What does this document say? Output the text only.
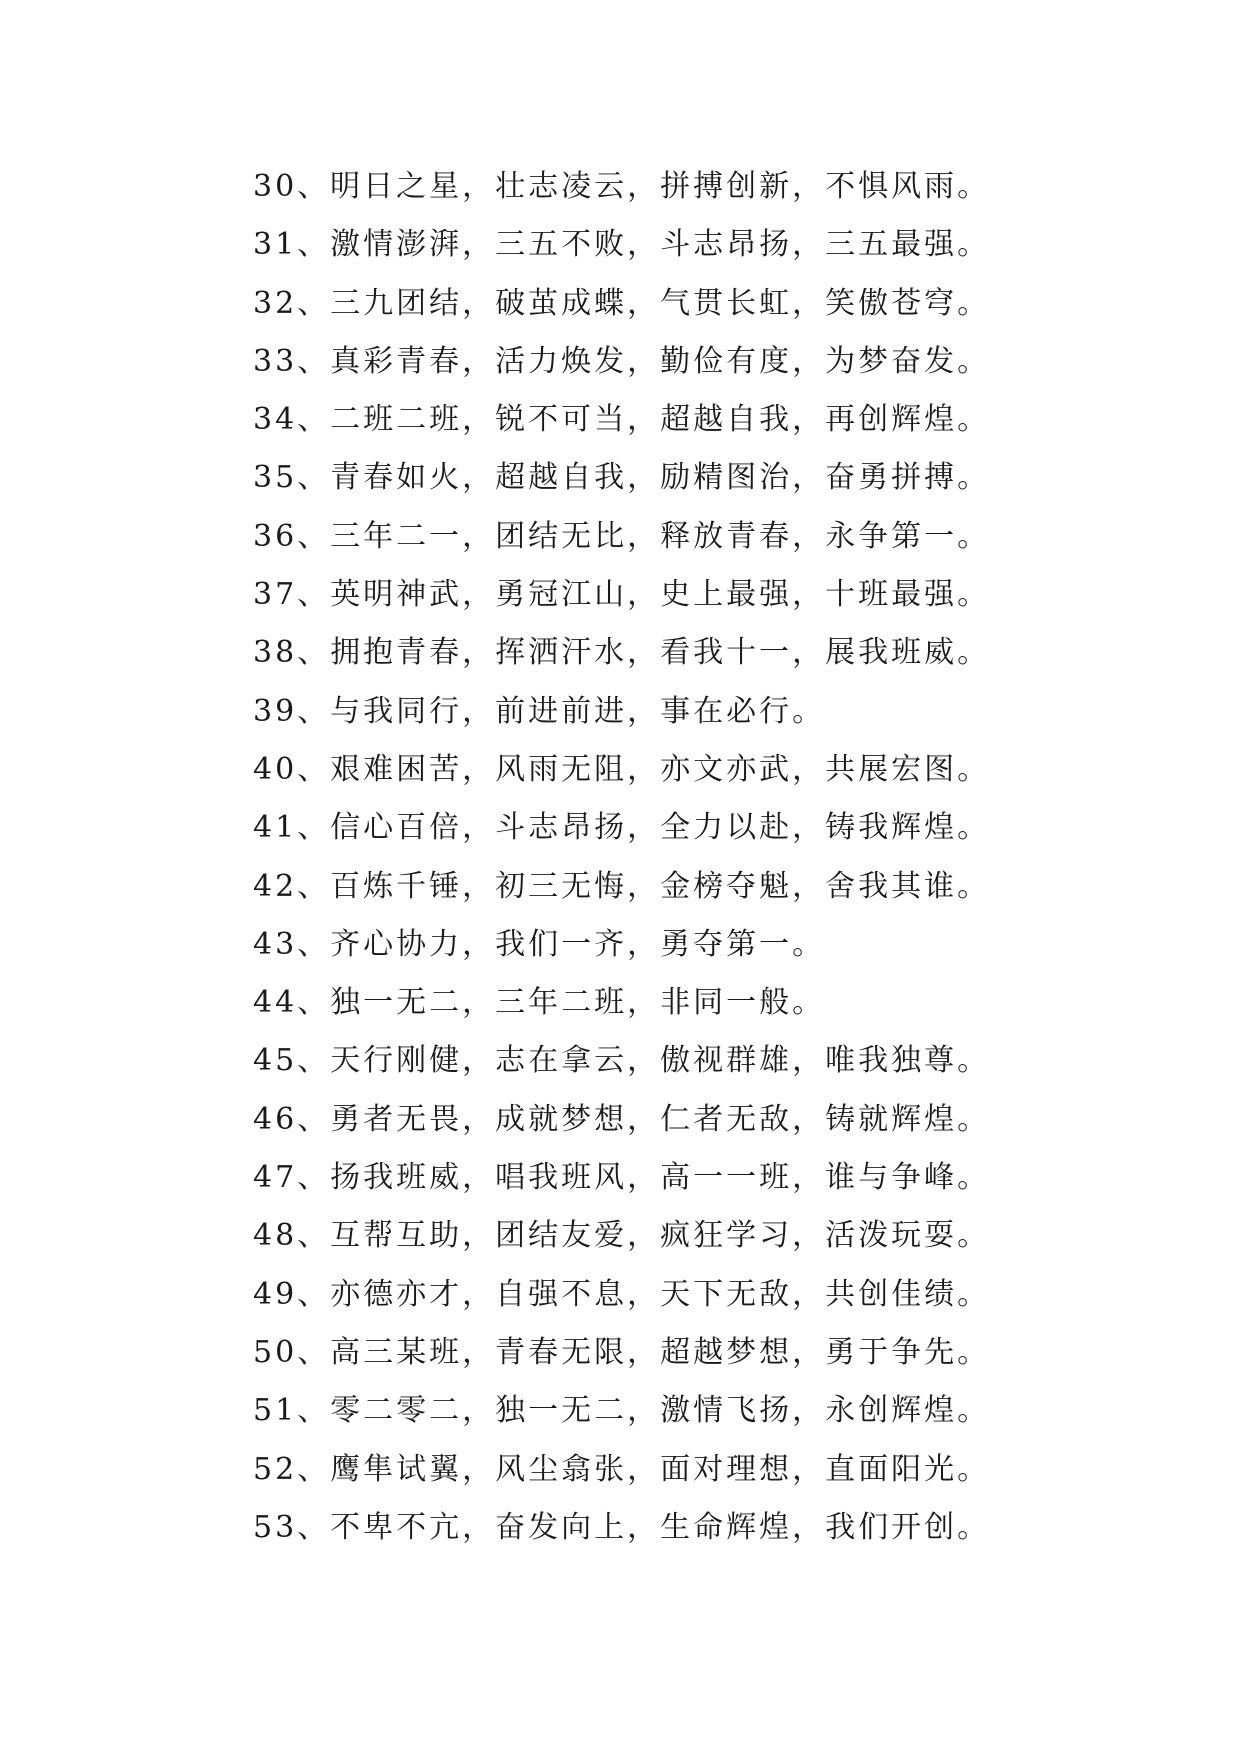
30、明日之星，壮志凌云，拼搏创新，不惧风雨。
31、激情澎湃，三五不败，斗志昂扬，三五最强。
32、三九团结，破茧成蝶，气贯长虹，笑傲苍穹。
33、真彩青春，活力焕发，勤俭有度，为梦奋发。
34、二班二班，锐不可当，超越自我，再创辉煌。
35、青春如火，超越自我，励精图治，奋勇拼搏。
36、三年二一，团结无比，释放青春，永争第一。
37、英明神武，勇冠江山，史上最强，十班最强。
38、拥抱青春，挥洒汗水，看我十一，展我班威。
39、与我同行，前进前进，事在必行。
40、艰难困苦，风雨无阻，亦文亦武，共展宏图。
41、信心百倍，斗志昂扬，全力以赴，铸我辉煌。
42、百炼千锤，初三无悔，金榜夺魁，舍我其谁。
43、齐心协力，我们一齐，勇夺第一。
44、独一无二，三年二班，非同一般。
45、天行刚健，志在拿云，傲视群雄，唯我独尊。
46、勇者无畏，成就梦想，仁者无敌，铸就辉煌。
47、扬我班威，唱我班风，高一一班，谁与争峰。
48、互帮互助，团结友爱，疯狂学习，活泼玩耍。
49、亦德亦才，自强不息，天下无敌，共创佳绩。
50、高三某班，青春无限，超越梦想，勇于争先。
51、零二零二，独一无二，激情飞扬，永创辉煌。
52、鹰隼试翼，风尘翕张，面对理想，直面阳光。
53、不卑不亢，奋发向上，生命辉煌，我们开创。
